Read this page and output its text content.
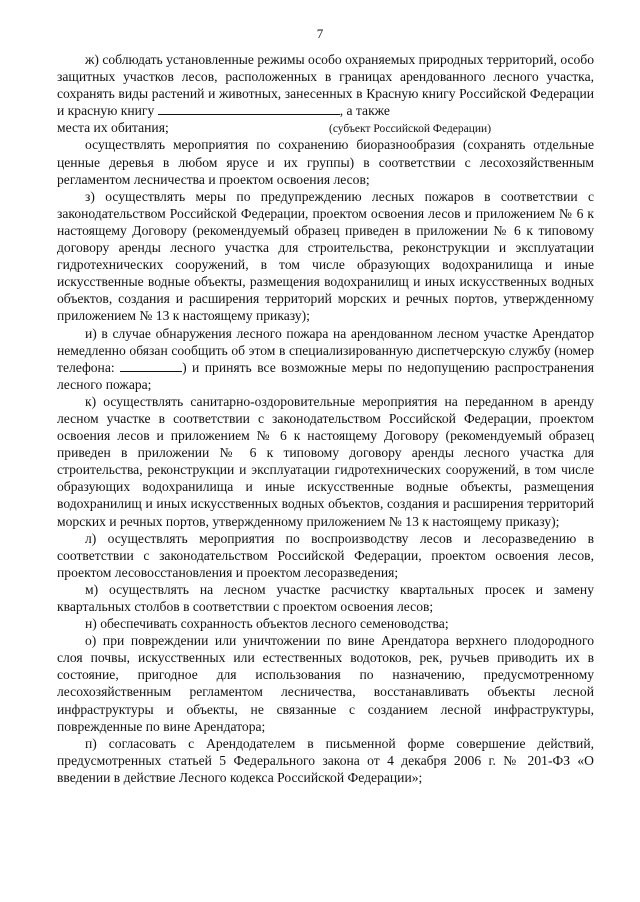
7

ж) соблюдать установленные режимы особо охраняемых природных территорий, особо защитных участков лесов, расположенных в границах арендованного лесного участка, сохранять виды растений и животных, занесенных в Красную книгу Российской Федерации и красную книгу	, а также

места их обитания;	(субъект Российской Федерации)

осуществлять мероприятия по сохранению биоразнообразия (сохранять отдельные ценные деревья в любом ярусе и их группы) в соответствии с лесохозяйственным регламентом лесничества и проектом освоения лесов;

з) осуществлять меры по предупреждению лесных пожаров в соответствии с законодательством Российской Федерации, проектом освоения лесов и приложением № 6 к настоящему Договору (рекомендуемый образец приведен в приложении № 6 к типовому договору аренды лесного участка для строительства, реконструкции и эксплуатации гидротехнических сооружений, в том числе образующих водохранилища и иные искусственные водные объекты, размещения водохранилищ и иных искусственных водных объектов, создания и расширения территорий морских и речных портов, утвержденному приложением № 13 к настоящему приказу);

и) в случае обнаружения лесного пожара на арендованном лесном участке Арендатор немедленно обязан сообщить об этом в специализированную диспетчерскую службу (номер телефона:	) и принять все возможные меры по недопущению распространения лесного пожара;

к) осуществлять санитарно-оздоровительные мероприятия на переданном в аренду лесном участке в соответствии с законодательством Российской Федерации, проектом освоения лесов и приложением № 6 к настоящему Договору (рекомендуемый образец приведен в приложении № 6 к типовому договору аренды лесного участка для строительства, реконструкции и эксплуатации гидротехнических сооружений, в том числе образующих водохранилища и иные искусственные водные объекты, размещения водохранилищ и иных искусственных водных объектов, создания и расширения территорий морских и речных портов, утвержденному приложением № 13 к настоящему приказу);

л) осуществлять мероприятия по воспроизводству лесов и лесоразведению в соответствии с законодательством Российской Федерации, проектом освоения лесов, проектом лесовосстановления и проектом лесоразведения;

м) осуществлять на лесном участке расчистку квартальных просек и замену квартальных столбов в соответствии с проектом освоения лесов;

н) обеспечивать сохранность объектов лесного семеноводства;

о) при повреждении или уничтожении по вине Арендатора верхнего плодородного слоя почвы, искусственных или естественных водотоков, рек, ручьев приводить их в состояние, пригодное для использования по назначению, предусмотренному лесохозяйственным регламентом лесничества, восстанавливать объекты лесной инфраструктуры и объекты, не связанные с созданием лесной инфраструктуры, поврежденные по вине Арендатора;

п) согласовать с Арендодателем в письменной форме совершение действий, предусмотренных статьей 5 Федерального закона от 4 декабря 2006 г. № 201-ФЗ «О введении в действие Лесного кодекса Российской Федерации»;
